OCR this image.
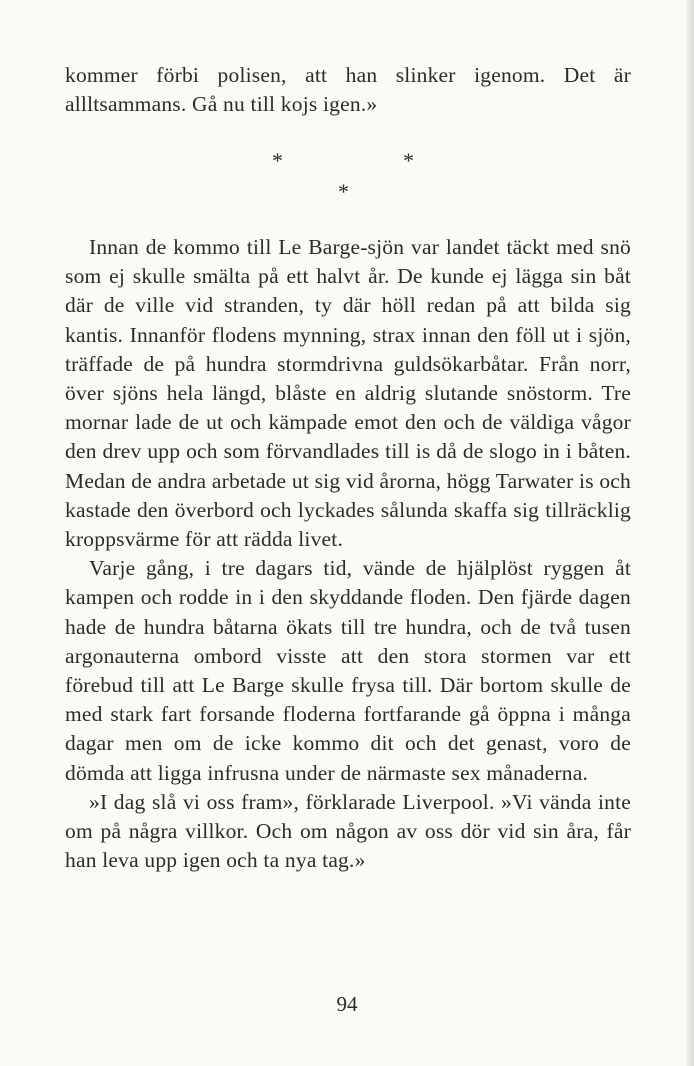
kommer förbi polisen, att han slinker igenom. Det är allltsammans. Gå nu till kojs igen.»

*	*
*

Innan de kommo till Le Barge-sjön var landet täckt med snö som ej skulle smälta på ett halvt år. De kunde ej lägga sin båt där de ville vid stranden, ty där höll redan på att bilda sig kantis. Innanför flodens mynning, strax innan den föll ut i sjön, träffade de på hundra stormdrivna guldsökarbåtar. Från norr, över sjöns hela längd, blåste en aldrig slutande snöstorm. Tre mornar lade de ut och kämpade emot den och de väldiga vågor den drev upp och som förvandlades till is då de slogo in i båten. Medan de andra arbetade ut sig vid årorna, högg Tarwater is och kastade den överbord och lyckades sålunda skaffa sig tillräcklig kroppsvärme för att rädda livet.

Varje gång, i tre dagars tid, vände de hjälplöst ryggen åt kampen och rodde in i den skyddande floden. Den fjärde dagen hade de hundra båtarna ökats till tre hundra, och de två tusen argonauterna ombord visste att den stora stormen var ett förebud till att Le Barge skulle frysa till. Där bortom skulle de med stark fart forsande floderna fortfarande gå öppna i många dagar men om de icke kommo dit och det genast, voro de dömda att ligga infrusna under de närmaste sex månaderna.

»I dag slå vi oss fram», förklarade Liverpool. »Vi vända inte om på några villkor. Och om någon av oss dör vid sin åra, får han leva upp igen och ta nya tag.»

94
